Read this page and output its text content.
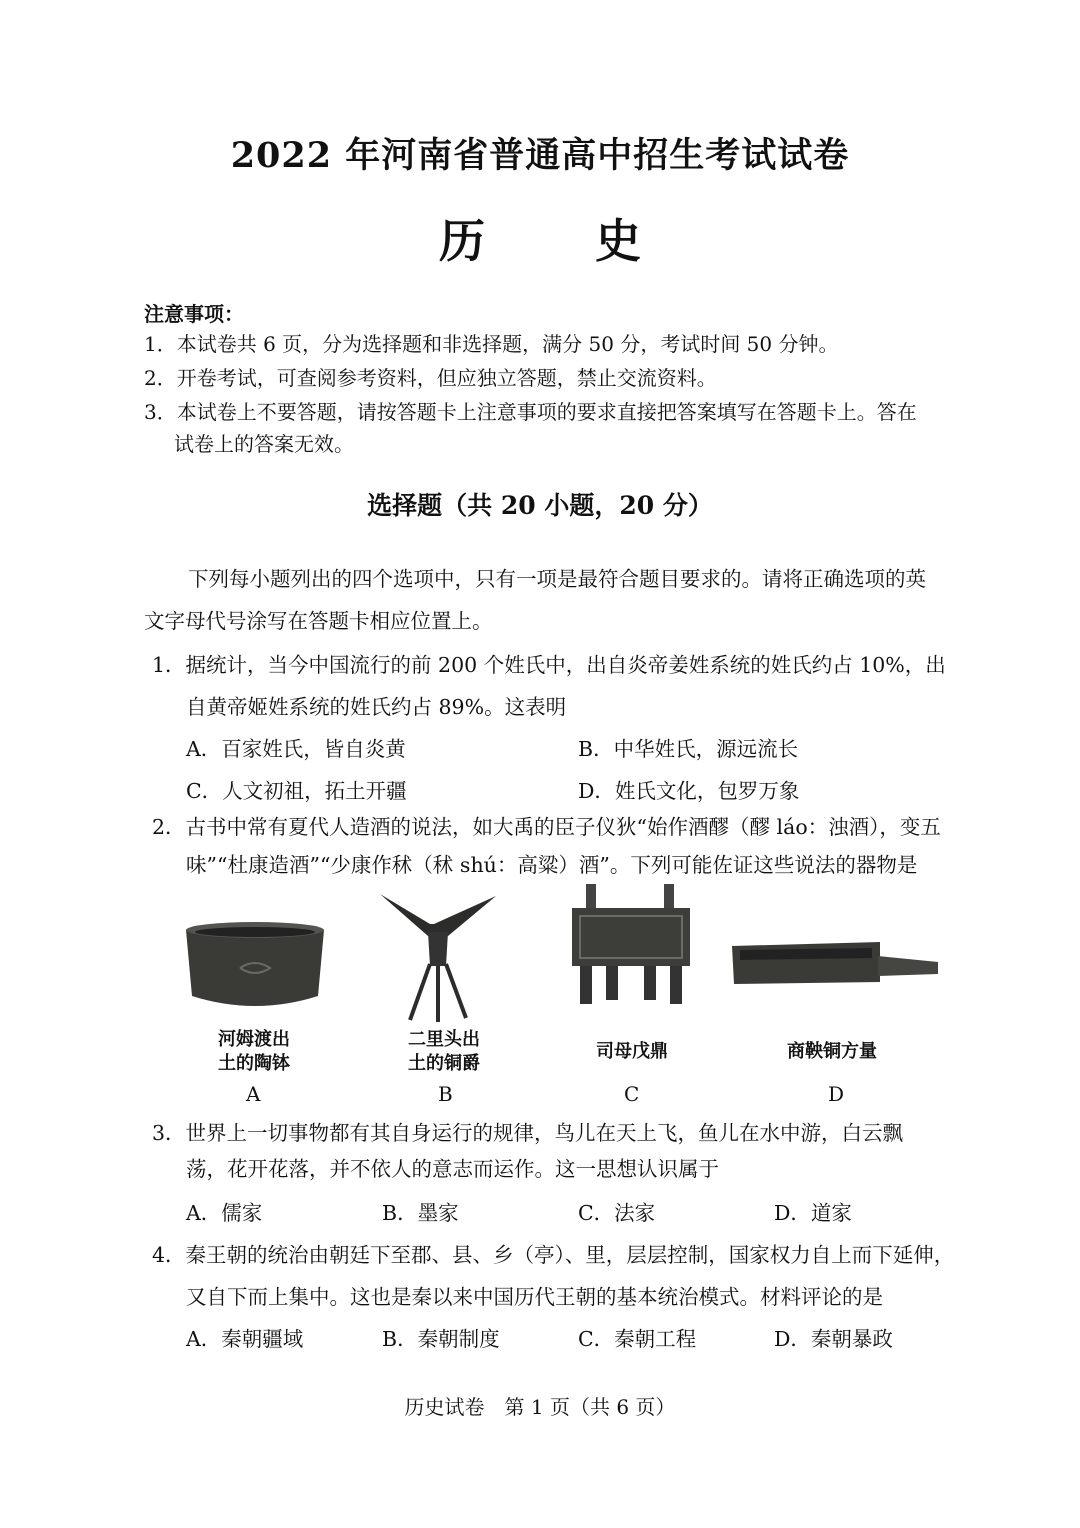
2022 年河南省普通高中招生考试试卷
历史
注意事项：
1．本试卷共 6 页，分为选择题和非选择题，满分 50 分，考试时间 50 分钟。
2．开卷考试，可查阅参考资料，但应独立答题，禁止交流资料。
3．本试卷上不要答题，请按答题卡上注意事项的要求直接把答案填写在答题卡上。答在
试卷上的答案无效。
选择题（共 20 小题，20 分）
下列每小题列出的四个选项中，只有一项是最符合题目要求的。请将正确选项的英
文字母代号涂写在答题卡相应位置上。
1．据统计，当今中国流行的前 200 个姓氏中，出自炎帝姜姓系统的姓氏约占 10%，出
自黄帝姬姓系统的姓氏约占 89%。这表明
A．百家姓氏，皆自炎黄	B．中华姓氏，源远流长
C．人文初祖，拓土开疆	D．姓氏文化，包罗万象
2．古书中常有夏代人造酒的说法，如大禹的臣子仪狄“始作酒醪（醪 láo：浊酒），变五
味”“杜康造酒”“少康作秫（秫 shú：高粱）酒”。下列可能佐证这些说法的器物是
河姆渡出
土的陶钵
二里头出
土的铜爵
司母戊鼎	商鞅铜方量
A	B	C	D
3．世界上一切事物都有其自身运行的规律，鸟儿在天上飞，鱼儿在水中游，白云飘
荡，花开花落，并不依人的意志而运作。这一思想认识属于
A．儒家	B．墨家	C．法家	D．道家
4．秦王朝的统治由朝廷下至郡、县、乡（亭）、里，层层控制，国家权力自上而下延伸，
又自下而上集中。这也是秦以来中国历代王朝的基本统治模式。材料评论的是
A．秦朝疆域	B．秦朝制度	C．秦朝工程	D．秦朝暴政
历史试卷　第 1 页（共 6 页）
